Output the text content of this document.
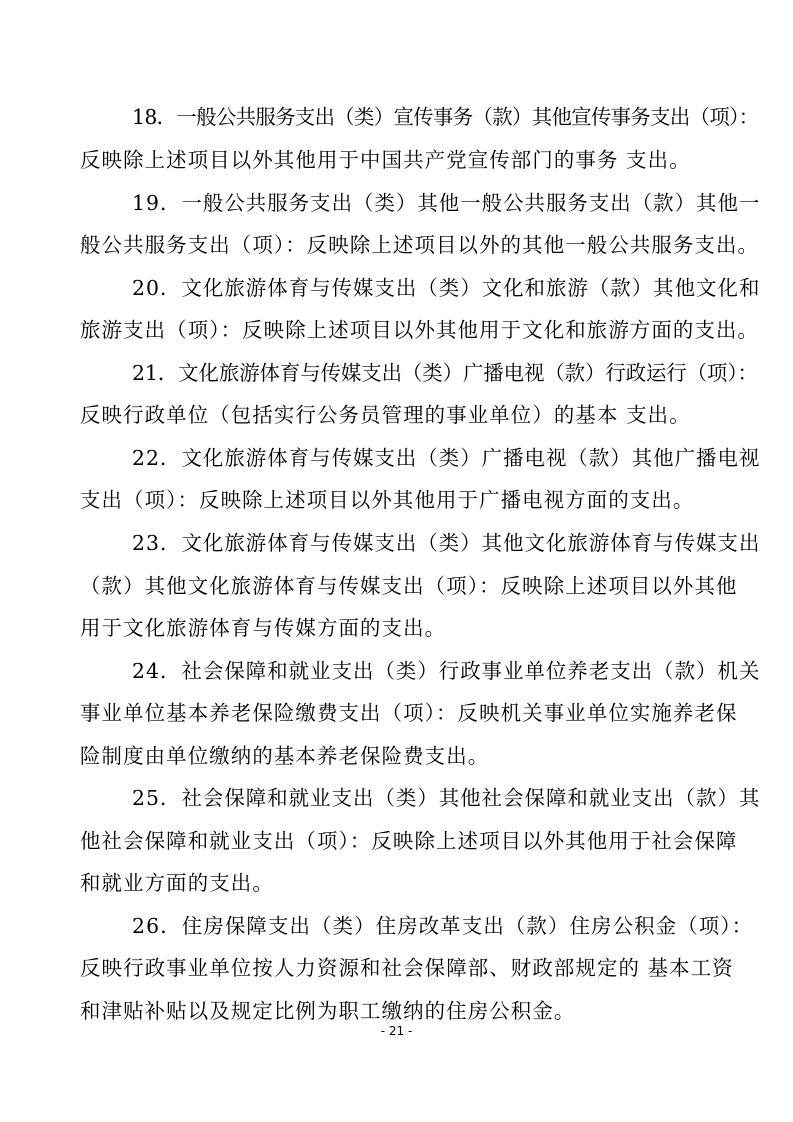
18．一般公共服务支出（类）宣传事务（款）其他宣传事务支出（项）：
反映除上述项目以外其他用于中国共产党宣传部门的事务 支出。
19．一般公共服务支出（类）其他一般公共服务支出（款）其他一
般公共服务支出（项）：反映除上述项目以外的其他一般公共服务支出。
20．文化旅游体育与传媒支出（类）文化和旅游（款）其他文化和
旅游支出（项）：反映除上述项目以外其他用于文化和旅游方面的支出。
21．文化旅游体育与传媒支出（类）广播电视（款）行政运行（项）：
反映行政单位（包括实行公务员管理的事业单位）的基本 支出。
22．文化旅游体育与传媒支出（类）广播电视（款）其他广播电视
支出（项）：反映除上述项目以外其他用于广播电视方面的支出。
23．文化旅游体育与传媒支出（类）其他文化旅游体育与传媒支出
（款）其他文化旅游体育与传媒支出（项）：反映除上述项目以外其他
用于文化旅游体育与传媒方面的支出。
24．社会保障和就业支出（类）行政事业单位养老支出（款）机关
事业单位基本养老保险缴费支出（项）：反映机关事业单位实施养老保
险制度由单位缴纳的基本养老保险费支出。
25．社会保障和就业支出（类）其他社会保障和就业支出（款）其
他社会保障和就业支出（项）：反映除上述项目以外其他用于社会保障
和就业方面的支出。
26．住房保障支出（类）住房改革支出（款）住房公积金（项）：
反映行政事业单位按人力资源和社会保障部、财政部规定的 基本工资
和津贴补贴以及规定比例为职工缴纳的住房公积金。
- 21 -
